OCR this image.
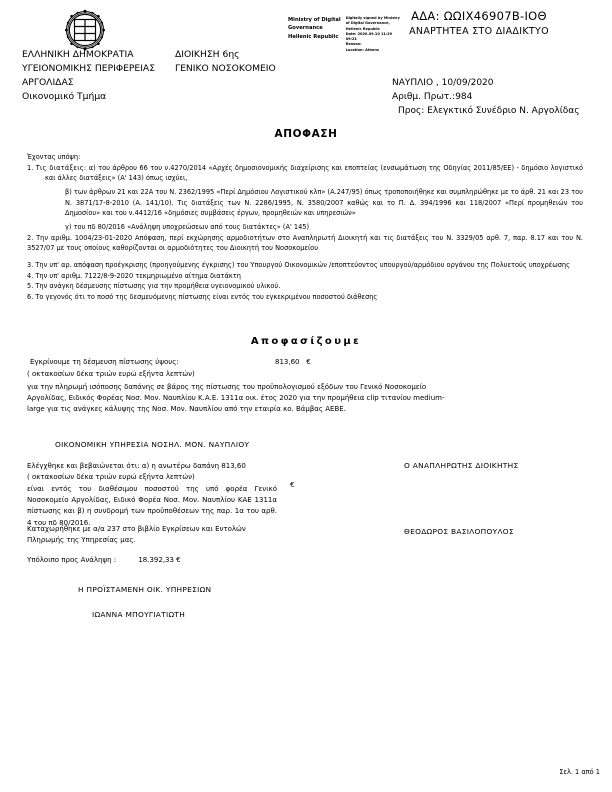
Ministry of Digital
Governance
Hellenic Republic
Digitally signed by Ministry
of Digital Governance,
Hellenic Republic
Date: 2020.09.10 11:29
09:21
Reason:
Location: Athens
ΑΔΑ: ΩΩΙΧ46907Β-ΙΟΘ
ΑΝΑΡΤΗΤΕΑ ΣΤΟ ΔΙΑΔΙΚΤΥΟ
ΕΛΛΗΝΙΚΗ ΔΗΜΟΚΡΑΤΙΑ
ΥΓΕΙΟΝΟΜΙΚΗΣ ΠΕΡΙΦΕΡΕΙΑΣ
ΑΡΓΟΛΙΔΑΣ
Οικονομικό Τμήμα
ΔΙΟΙΚΗΣΗ 6ης
ΓΕΝΙΚΟ ΝΟΣΟΚΟΜΕΙΟ
ΝΑΥΠΛΙΟ , 10/09/2020
Αριθμ. Πρωτ.:984
Προς: Ελεγκτικό Συνέδριο Ν. Αργολίδας
ΑΠΟΦΑΣΗ

Έχοντας υπόψη:

1. Τις διατάξεις: α) του άρθρου 66 του ν.4270/2014 «Αρχές δημοσιονομικής διαχείρισης και εποπτείας (ενσωμάτωση της Οδηγίας 2011/85/ΕΕ) - δημόσιο λογιστικό και άλλες διατάξεις» (Α' 143) όπως ισχύει,

β) των άρθρων 21 και 22Α του Ν. 2362/1995 «Περί Δημόσιου Λογιστικού κλπ» (Α.247/95) όπως τροποποιήθηκε και συμπληρώθηκε με το άρθ. 21 και 23 του Ν. 3871/17-8-2010 (Α. 141/10). Τις διατάξεις των Ν. 2286/1995, Ν. 3580/2007 καθώς και το Π. Δ. 394/1996 και 118/2007 «Περί προμηθειών του Δημοσίου» και του ν.4412/16 «δημόσιες συμβάσεις έργων, προμηθειών και υπηρεσιών»

γ) του πδ 80/2016 «Ανάληψη υποχρεώσεων από τους διατάκτες» (Α' 145)

2. Την αριθμ. 1004/23-01-2020 Απόφαση, περί εκχώρησης αρμοδιοτήτων στο Αναπληρωτή Διοικητή και τις διατάξεις του Ν. 3329/05 αρθ. 7, παρ. 8.17 και του Ν. 3527/07 με τους οποίους καθορίζονται οι αρμοδιότητες του Διοικητή του Νοσοκομείου

3. Την υπ' αρ. απόφαση προέγκρισης (προηγούμενης έγκρισης) του Υπουργού Οικονομικών /εποπτεύοντος υπουργού/αρμόδιου οργάνου της Πολυετούς υποχρέωσης

4. Την υπ' αριθμ. 7122/8-9-2020 τεκμηριωμένο αίτημα διατάκτη

5. Την ανάγκη δέσμευσης πίστωσης για την προμήθεια υγειονομικού υλικού.

6. Το γεγονός ότι το ποσό της δεσμευόμενης πίστωσης είναι εντός του εγκεκριμένου ποσοστού διάθεσης

Αποφασίζουμε
Εγκρίνουμε τη δέσμευση πίστωσης ύψους:	813,60 €
( οκτακοσίων δέκα τριών ευρώ εξήντα λεπτών)

για την πληρωμή ισόποσης δαπάνης σε βάρος της πίστωσης του προϋπολογισμού εξόδων του Γενικό Νοσοκομείο

Αργολίδας, Ειδικός Φορέας Νοσ. Μον. Ναυπλίου Κ.Α.Ε. 1311α οικ. έτος 2020 για την προμήθεια clip τιτανίου medium-

large για τις ανάγκες κάλυψης της Νοσ. Μον. Ναυπλίου από την εταιρία κο. Βάμβας ΑΕΒΕ.

ΟΙΚΟΝΟΜΙΚΗ ΥΠΗΡΕΣΙΑ ΝΟΣΗΛ. ΜΟΝ. ΝΑΥΠΛΙΟΥ

Ελέγχθηκε και βεβαιώνεται ότι: α) η ανωτέρω δαπάνη 813,60

( οκτακοσίων δέκα τριών ευρώ εξήντα λεπτών)

είναι εντός του διαθέσιμου ποσοστού της υπό φορέα Γενικό Νοσοκομείο Αργολίδας, Ειδικό Φορέα Νοσ. Μον. Ναυπλίου ΚΑΕ 1311α πίστωσης και β) η συνδρομή των προϋποθέσεων της παρ. 1α του αρθ. 4 του πδ 80/2016.

€

Καταχωρήθηκε με α/α 237 στο βιβλίο Εγκρίσεων και Εντολών Πληρωμής της Υπηρεσίας μας.

Υπόλοιπο προς Ανάληψη :	18.392,33 €
Η ΠΡΟΪΣΤΑΜΕΝΗ ΟΙΚ. ΥΠΗΡΕΣΙΩΝ
ΙΩΑΝΝΑ ΜΠΟΥΓΙΑΤΙΩΤΗ
Ο ΑΝΑΠΛΗΡΩΤΗΣ ΔΙΟΙΚΗΤΗΣ
ΘΕΟΔΩΡΟΣ ΒΑΣΙΛΟΠΟΥΛΟΣ
Σελ. 1 από 1
